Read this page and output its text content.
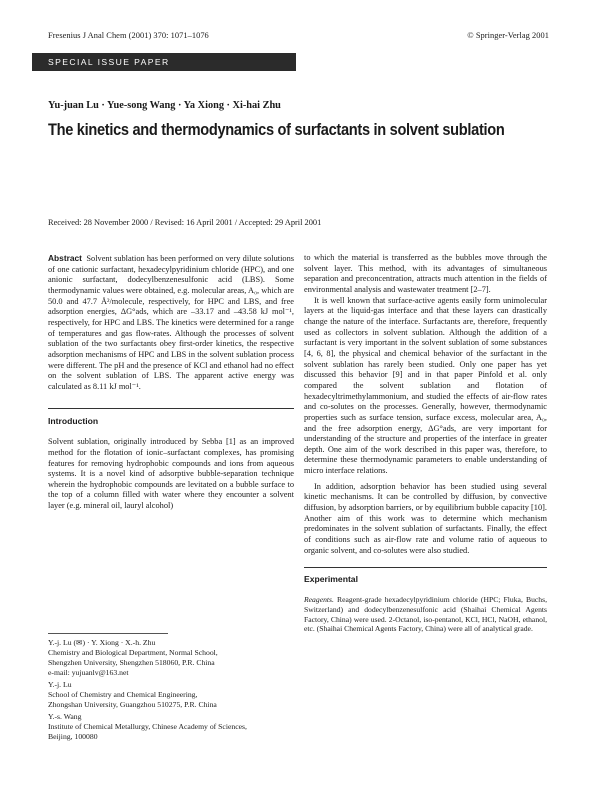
Fresenius J Anal Chem (2001) 370: 1071–1076	© Springer-Verlag 2001
SPECIAL ISSUE PAPER
Yu-juan Lu · Yue-song Wang · Ya Xiong · Xi-hai Zhu
The kinetics and thermodynamics of surfactants in solvent sublation
Received: 28 November 2000 / Revised: 16 April 2001 / Accepted: 29 April 2001

Abstract Solvent sublation has been performed on very dilute solutions of one cationic surfactant, hexadecylpyridinium chloride (HPC), and one anionic surfactant, dodecylbenzenesulfonic acid (LBS). Some thermodynamic values were obtained, e.g. molecular areas, A₀, which are 50.0 and 47.7 Å²/molecule, respectively, for HPC and LBS, and free adsorption energies, ΔG°ads, which are –33.17 and –43.58 kJ mol⁻¹, respectively, for HPC and LBS. The kinetics were determined for a range of temperatures and gas flow-rates. Although the processes of solvent sublation of the two surfactants obey first-order kinetics, the respective adsorption mechanisms of HPC and LBS in the solvent sublation process were different. The pH and the presence of KCl and ethanol had no effect on the solvent sublation of LBS. The apparent active energy was calculated as 8.11 kJ mol⁻¹.

Introduction

Solvent sublation, originally introduced by Sebba [1] as an improved method for the flotation of ionic–surfactant complexes, has promising features for removing hydrophobic compounds and ions from aqueous systems. It is a novel kind of adsorptive bubble-separation technique wherein the hydrophobic compounds are levitated on a bubble surface to the top of a column filled with water where they encounter a solvent layer (e.g. mineral oil, lauryl alcohol)

Y.-j. Lu (✉) · Y. Xiong · X.-h. Zhu
Chemistry and Biological Department, Normal School,
Shengzhen University, Shengzhen 518060, P.R. China
e-mail: yujuanlv@163.net

Y.-j. Lu
School of Chemistry and Chemical Engineering,
Zhongshan University, Guangzhou 510275, P.R. China

Y.-s. Wang
Institute of Chemical Metallurgy, Chinese Academy of Sciences,
Beijing, 100080

to which the material is transferred as the bubbles move through the solvent layer. This method, with its advantages of simultaneous separation and preconcentration, attracts much attention in the fields of environmental analysis and wastewater treatment [2–7].

It is well known that surface-active agents easily form unimolecular layers at the liquid-gas interface and that these layers can drastically change the nature of the interface. Surfactants are, therefore, frequently used as collectors in solvent sublation. Although the addition of a surfactant is very important in the solvent sublation of some substances [4, 6, 8], the physical and chemical behavior of the surfactant in the solvent sublation has rarely been studied. Only one paper has yet discussed this behavior [9] and in that paper Pinfold et al. only compared the solvent sublation and flotation of hexadecyltrimethylammonium, and studied the effects of air-flow rates and co-solutes on the processes. Generally, however, thermodynamic properties such as surface tension, surface excess, molecular area, A₀, and the free adsorption energy, ΔG°ads, are very important for understanding of the structure and properties of the interface in greater depth. One aim of the work described in this paper was, therefore, to determine these thermodynamic parameters to enable understanding of micro interface relations.

In addition, adsorption behavior has been studied using several kinetic mechanisms. It can be controlled by diffusion, by convective diffusion, by adsorption barriers, or by equilibrium bubble capacity [10]. Another aim of this work was to determine which mechanism predominates in the solvent sublation of surfactants. Finally, the effect of conditions such as air-flow rate and volume ratio of aqueous to organic solvent, and co-solutes were also studied.

Experimental

Reagents. Reagent-grade hexadecylpyridinium chloride (HPC; Fluka, Buchs, Switzerland) and dodecylbenzenesulfonic acid (Shaihai Chemical Agents Factory, China) were used. 2-Octanol, iso-pentanol, KCl, HCl, NaOH, ethanol, etc. (Shaihai Chemical Agents Factory, China) were all of analytical grade.
